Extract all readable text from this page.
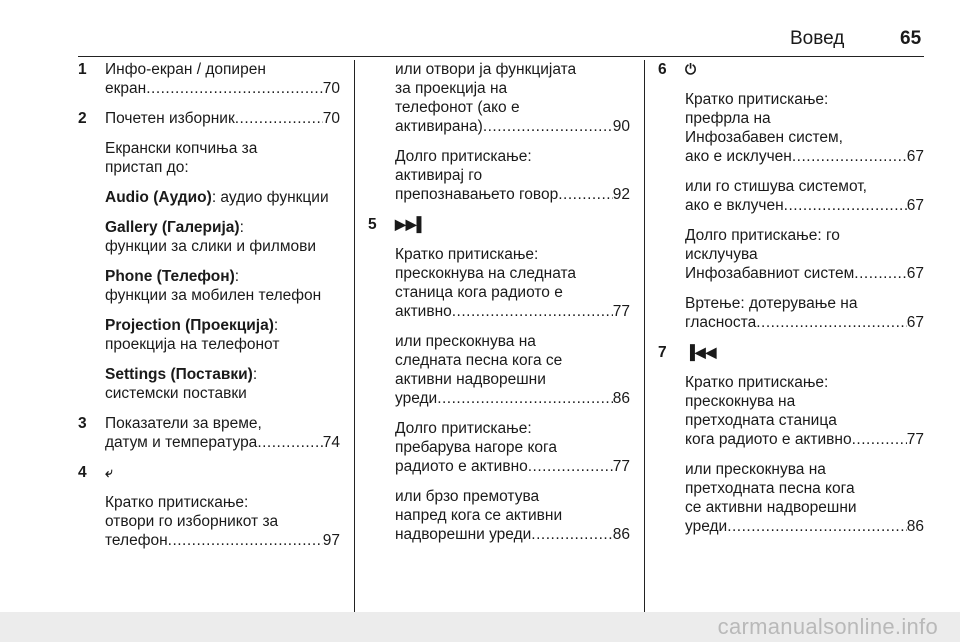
Вовед	65
1 Инфо-екран / допирен
екран .....	70
2 Почетен изборник .....	70
Екрански копчиња за
пристап до:
Audio (Аудио): аудио функции
Gallery (Галерија):
функции за слики и филмови
Phone (Телефон):
функции за мобилен телефон
Projection (Проекција):
проекција на телефонот
Settings (Поставки):
системски поставки
3 Показатели за време,
датум и температура .....	74
4 ⤶
Кратко притискање:
отвори го изборникот за
телефон .....	97
или отвори ја функцијата
за проекција на
телефонот (ако е
активирана) .....	90
Долго притискање:
активирај го
препознавањето говор .....	92
5 ▶▶▌
Кратко притискање:
прескокнува на следната
станица кога радиото е
активно .....	77
или прескокнува на
следната песна кога се
активни надворешни
уреди .....	86
Долго притискање:
пребарува нагоре кога
радиото е активно .....	77
или брзо премотува
напред кога се активни
надворешни уреди .....	86
6 ⏻
Кратко притискање:
префрла на
Инфозабавен систем,
ако е исклучен .....	67
или го стишува системот,
ако е вклучен .....	67
Долго притискање: го
исклучува
Инфозабавниот систем .....	67
Вртење: дотерување на
гласноста .....	67
7 ▐◀◀
Кратко притискање:
прескокнува на
претходната станица
кога радиото е активно .....	77
или прескокнува на
претходната песна кога
се активни надворешни
уреди .....	86
carmanualsonline.info
